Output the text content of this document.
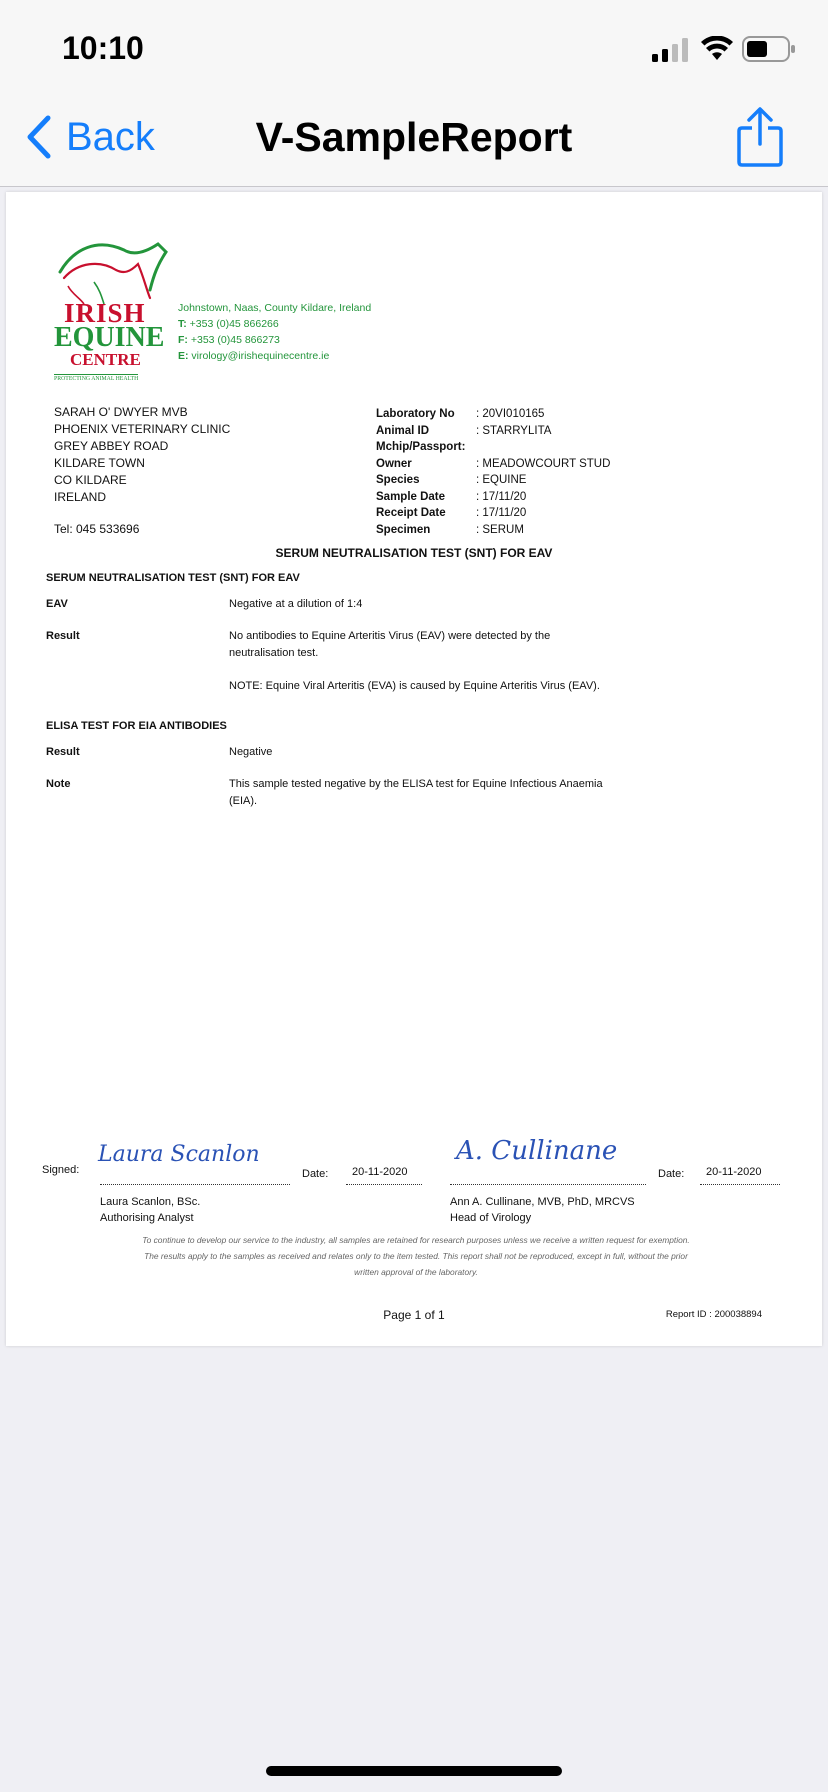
10:10
Back	V-SampleReport
IRISH
EQUINE
CENTRE
PROTECTING ANIMAL HEALTH
Johnstown, Naas, County Kildare, Ireland
T: +353 (0)45 866266
F: +353 (0)45 866273
E: virology@irishequinecentre.ie
SARAH O' DWYER MVB
PHOENIX VETERINARY CLINIC
GREY ABBEY ROAD
KILDARE TOWN
CO KILDARE
IRELAND
Tel: 045 533696
Laboratory No	: 20VI010165
Animal ID	: STARRYLITA
Mchip/Passport:
Owner	: MEADOWCOURT STUD
Species	: EQUINE
Sample Date	: 17/11/20
Receipt Date	: 17/11/20
Specimen	: SERUM
SERUM NEUTRALISATION TEST (SNT) FOR EAV
SERUM NEUTRALISATION TEST (SNT) FOR EAV
EAV	Negative at a dilution of 1:4
Result	No antibodies to Equine Arteritis Virus (EAV) were detected by the neutralisation test.
NOTE: Equine Viral Arteritis (EVA) is caused by Equine Arteritis Virus (EAV).
ELISA TEST FOR EIA ANTIBODIES
Result	Negative
Note	This sample tested negative by the ELISA test for Equine Infectious Anaemia (EIA).
Signed:
Laura Scanlon
Date: 20-11-2020
Laura Scanlon, BSc.
Authorising Analyst
A. Cullinane
Date: 20-11-2020
Ann A. Cullinane, MVB, PhD, MRCVS
Head of Virology
To continue to develop our service to the industry, all samples are retained for research purposes unless we receive a written request for exemption.
The results apply to the samples as received and relates only to the item tested. This report shall not be reproduced, except in full, without the prior
written approval of the laboratory.
Page 1 of 1	Report ID : 200038894
